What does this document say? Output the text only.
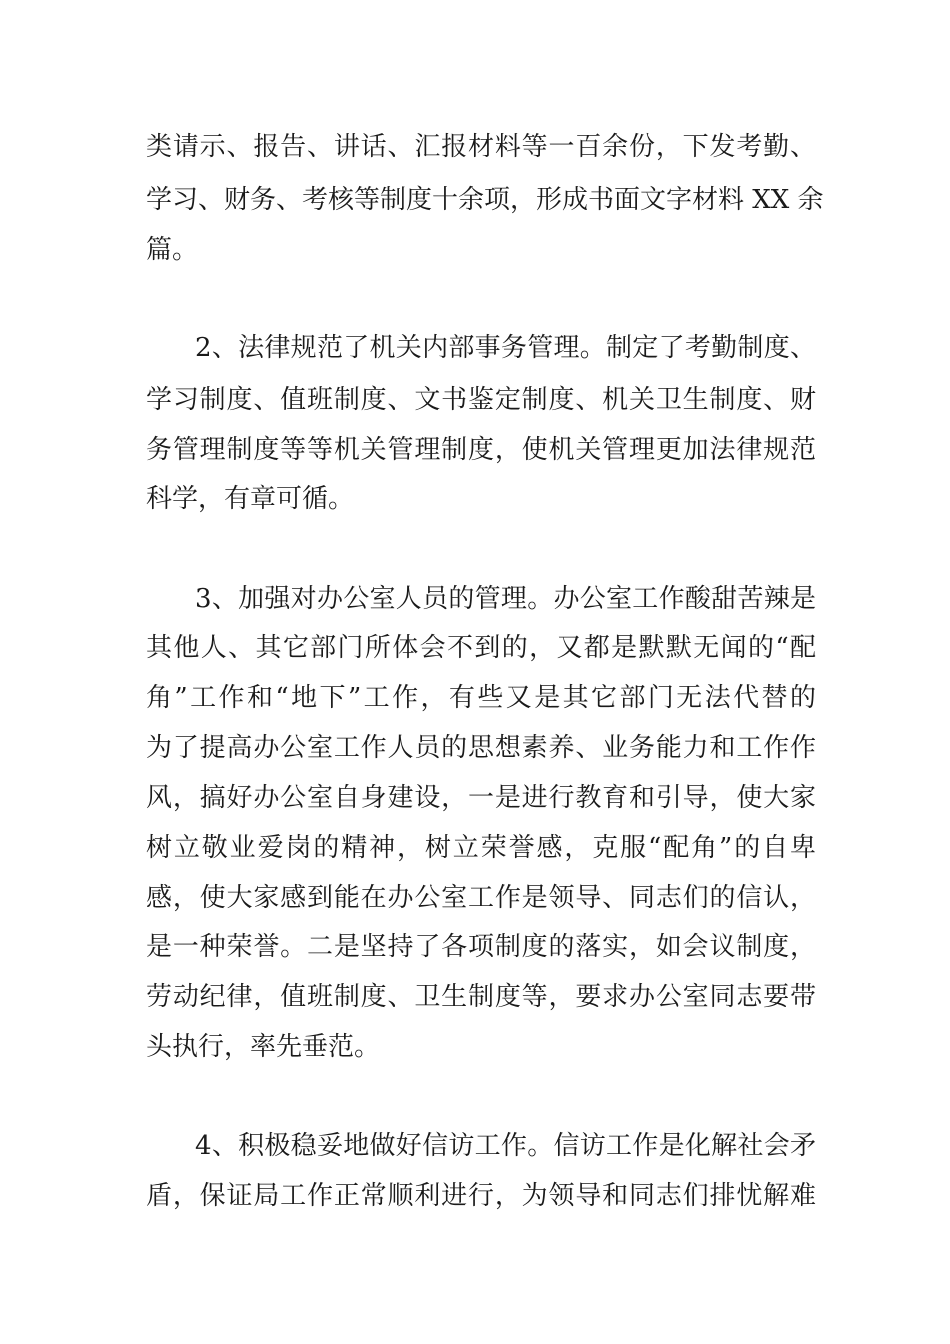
类请示、报告、讲话、汇报材料等一百余份，下发考勤、
学习、财务、考核等制度十余项，形成书面文字材料 XX 余
篇。
2、法律规范了机关内部事务管理。制定了考勤制度、
学习制度、值班制度、文书鉴定制度、机关卫生制度、财
务管理制度等等机关管理制度，使机关管理更加法律规范
科学，有章可循。
3、加强对办公室人员的管理。办公室工作酸甜苦辣是
其他人、其它部门所体会不到的，又都是默默无闻的“配
角”工作和“地下”工作，有些又是其它部门无法代替的
为了提高办公室工作人员的思想素养、业务能力和工作作
风，搞好办公室自身建设，一是进行教育和引导，使大家
树立敬业爱岗的精神，树立荣誉感，克服“配角”的自卑
感，使大家感到能在办公室工作是领导、同志们的信认，
是一种荣誉。二是坚持了各项制度的落实，如会议制度，
劳动纪律，值班制度、卫生制度等，要求办公室同志要带
头执行，率先垂范。
4、积极稳妥地做好信访工作。信访工作是化解社会矛
盾，保证局工作正常顺利进行，为领导和同志们排忧解难
